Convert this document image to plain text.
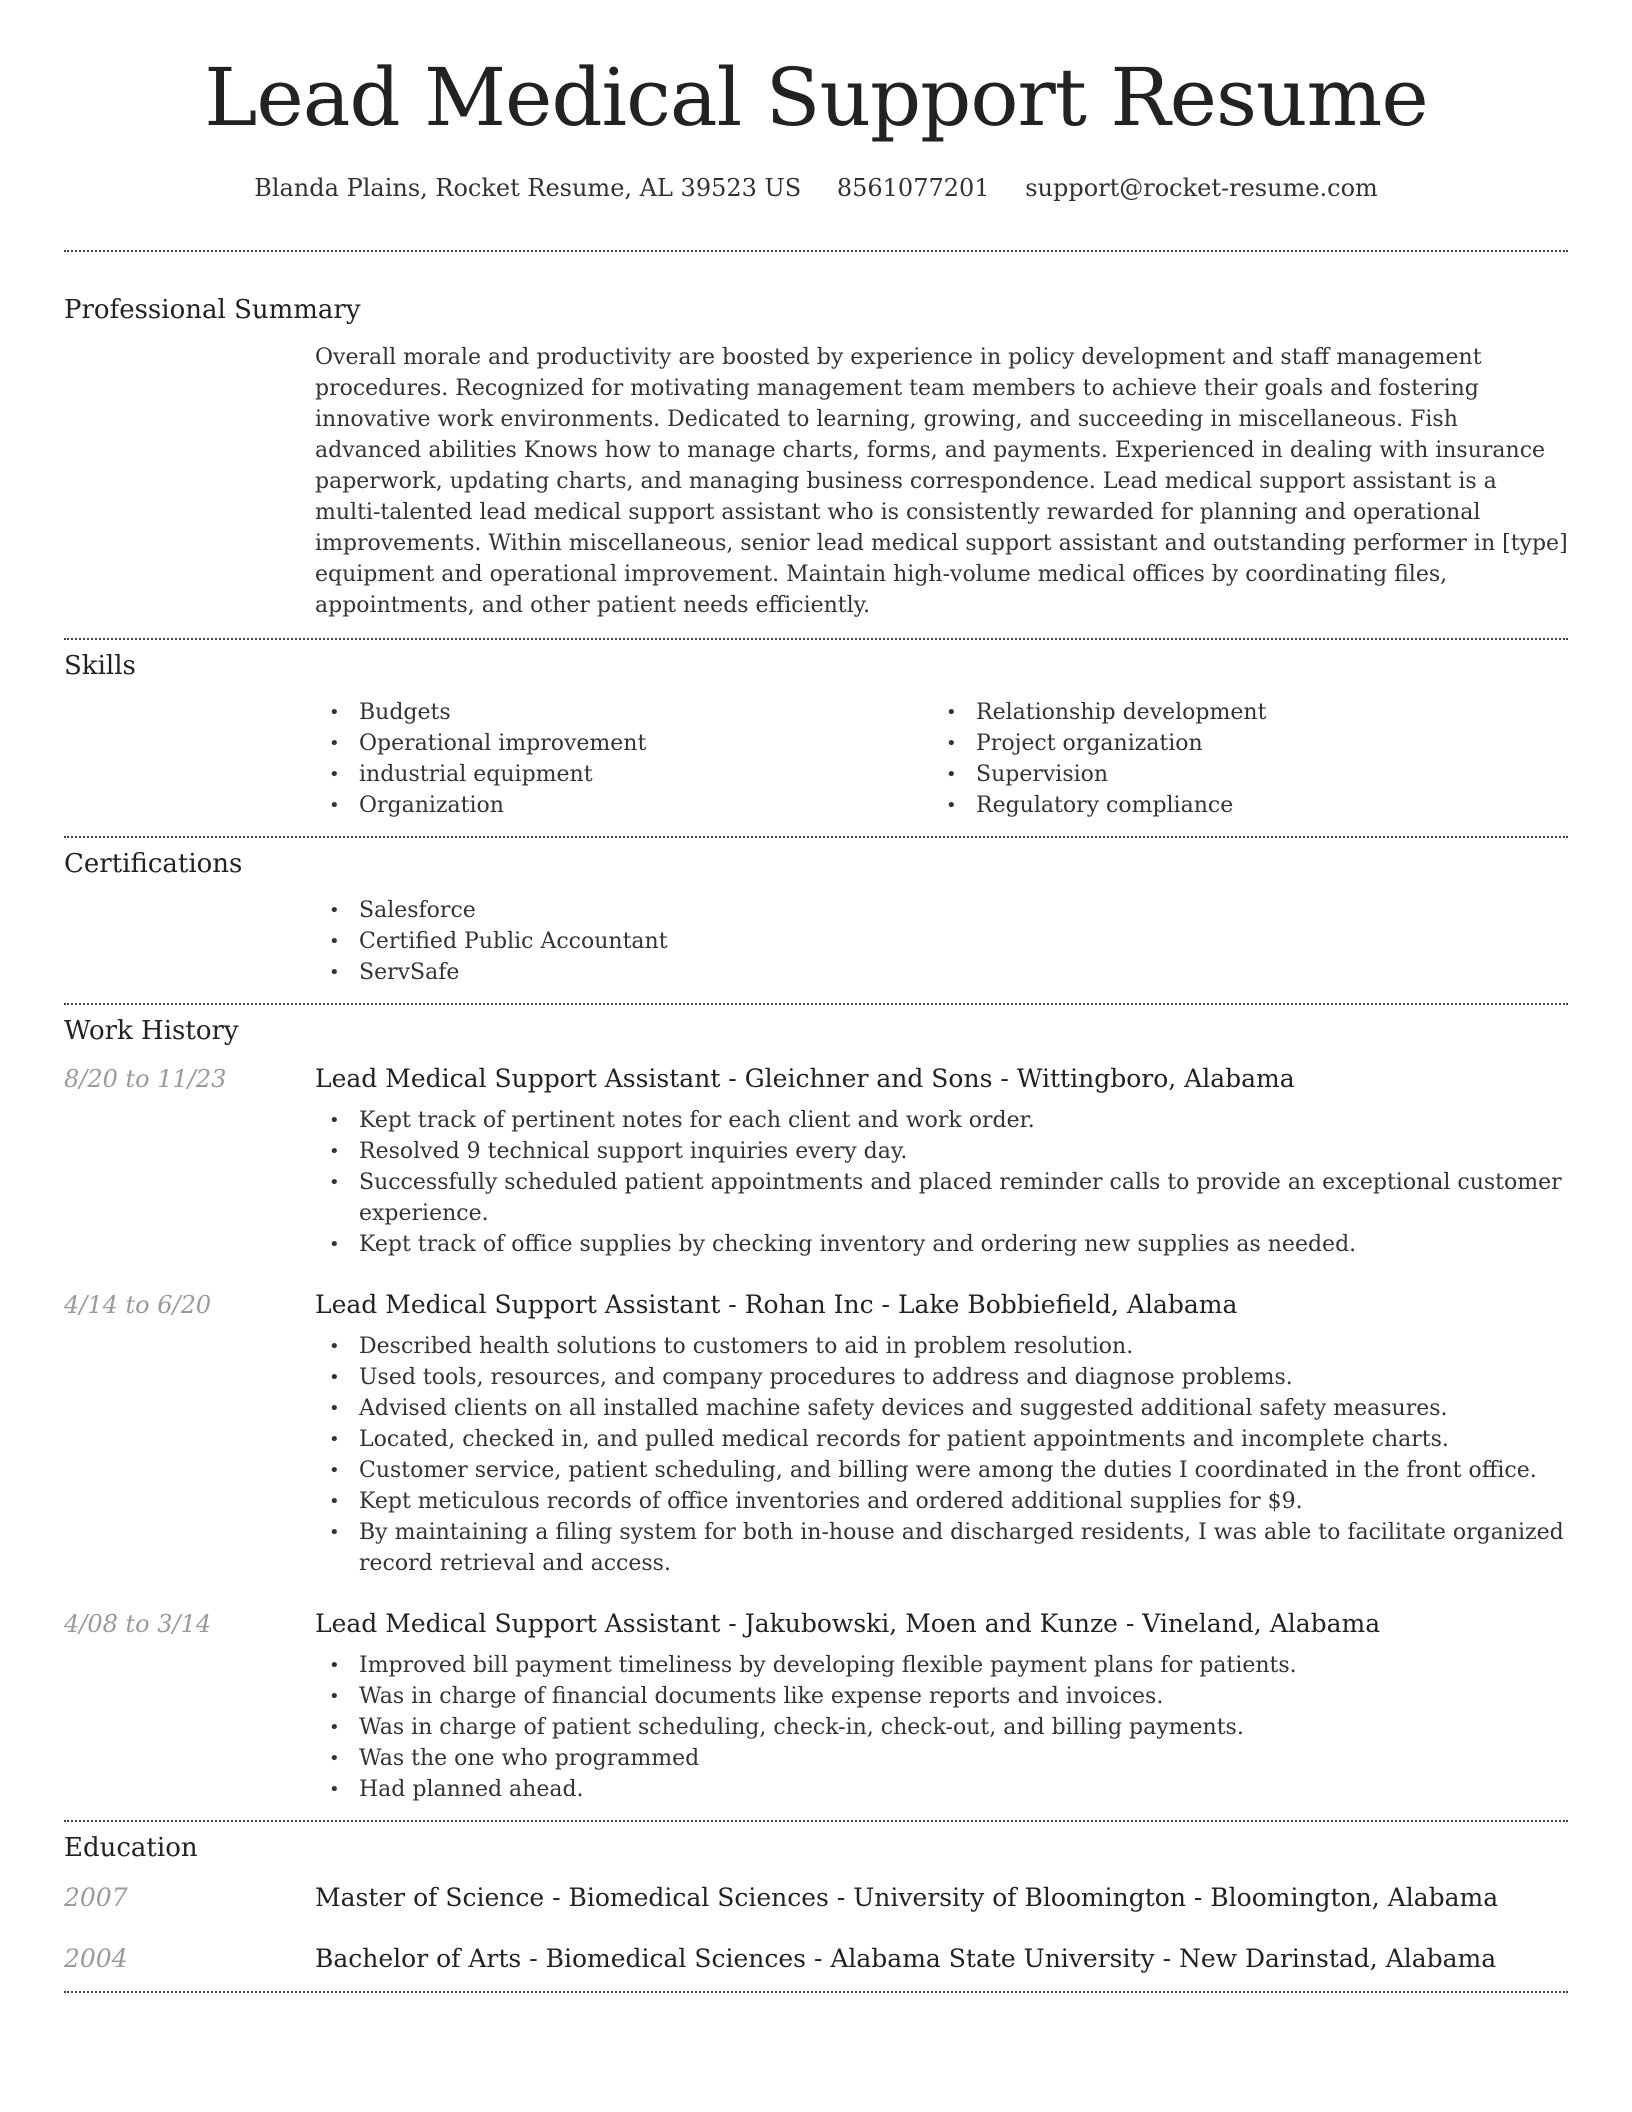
Lead Medical Support Resume
Blanda Plains, Rocket Resume, AL 39523 US 8561077201 support@rocket-resume.com
Professional Summary

Overall morale and productivity are boosted by experience in policy development and staff management procedures. Recognized for motivating management team members to achieve their goals and fostering innovative work environments. Dedicated to learning, growing, and succeeding in miscellaneous. Fish advanced abilities Knows how to manage charts, forms, and payments. Experienced in dealing with insurance paperwork, updating charts, and managing business correspondence. Lead medical support assistant is a multi-talented lead medical support assistant who is consistently rewarded for planning and operational improvements. Within miscellaneous, senior lead medical support assistant and outstanding performer in [type] equipment and operational improvement. Maintain high-volume medical offices by coordinating files, appointments, and other patient needs efficiently.

Skills
• Budgets
• Operational improvement
• industrial equipment
• Organization
• Relationship development
• Project organization
• Supervision
• Regulatory compliance
Certifications
• Salesforce
• Certified Public Accountant
• ServSafe
Work History
8/20 to 11/23	Lead Medical Support Assistant - Gleichner and Sons - Wittingboro, Alabama
• Kept track of pertinent notes for each client and work order.
• Resolved 9 technical support inquiries every day.
• Successfully scheduled patient appointments and placed reminder calls to provide an exceptional customer experience.
• Kept track of office supplies by checking inventory and ordering new supplies as needed.
4/14 to 6/20	Lead Medical Support Assistant - Rohan Inc - Lake Bobbiefield, Alabama
• Described health solutions to customers to aid in problem resolution.
• Used tools, resources, and company procedures to address and diagnose problems.
• Advised clients on all installed machine safety devices and suggested additional safety measures.
• Located, checked in, and pulled medical records for patient appointments and incomplete charts.
• Customer service, patient scheduling, and billing were among the duties I coordinated in the front office.
• Kept meticulous records of office inventories and ordered additional supplies for $9.
• By maintaining a filing system for both in-house and discharged residents, I was able to facilitate organized record retrieval and access.
4/08 to 3/14	Lead Medical Support Assistant - Jakubowski, Moen and Kunze - Vineland, Alabama
• Improved bill payment timeliness by developing flexible payment plans for patients.
• Was in charge of financial documents like expense reports and invoices.
• Was in charge of patient scheduling, check-in, check-out, and billing payments.
• Was the one who programmed
• Had planned ahead.
Education
2007	Master of Science - Biomedical Sciences - University of Bloomington - Bloomington, Alabama
2004	Bachelor of Arts - Biomedical Sciences - Alabama State University - New Darinstad, Alabama
